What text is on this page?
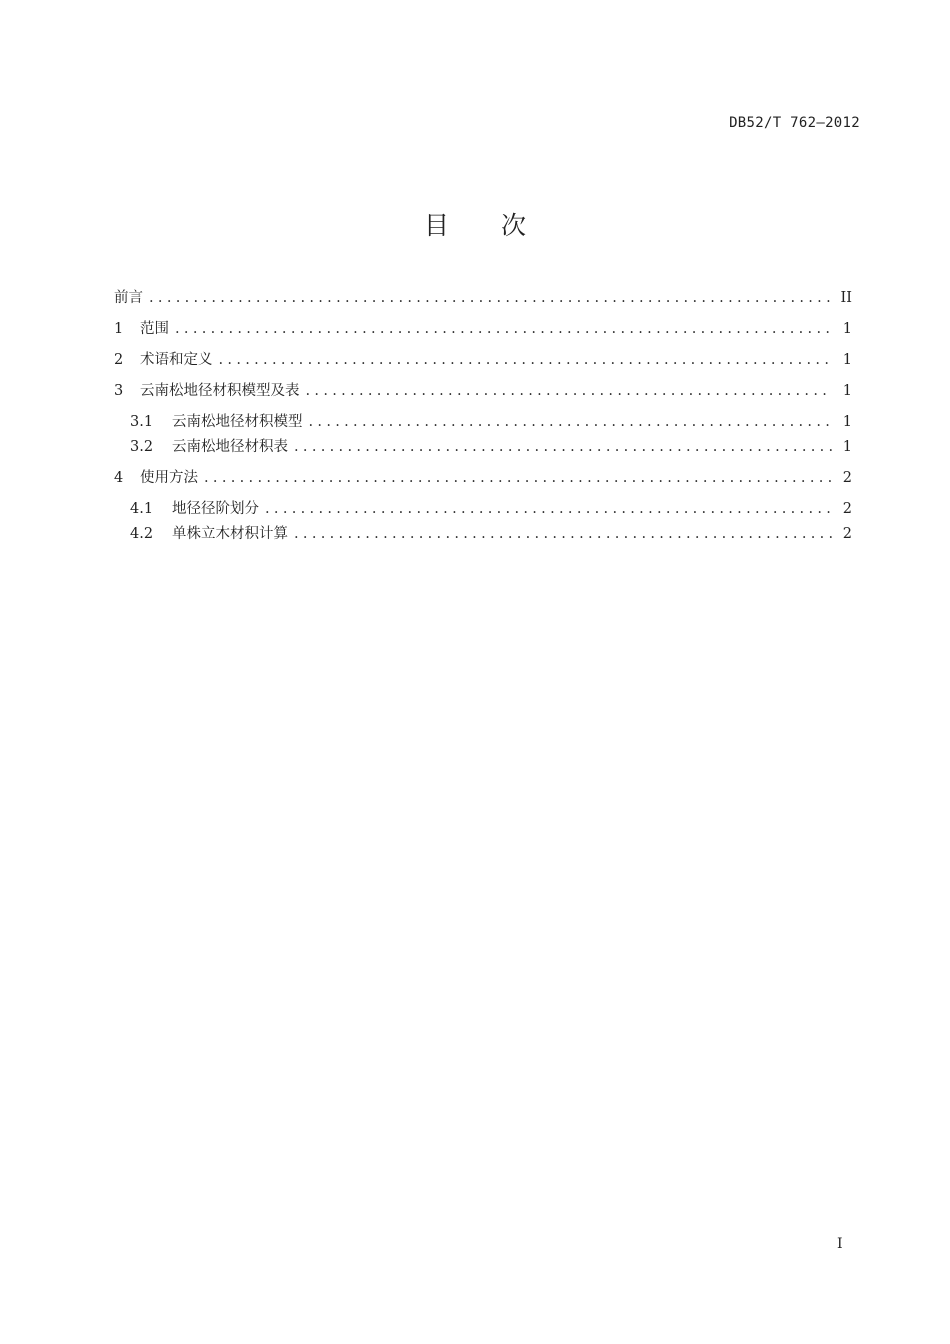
DB52/T 762—2012
目 次
前言 .....	II
1	范围 .....	1
2	术语和定义 .....	1
3	云南松地径材积模型及表 .....	1
3.1	云南松地径材积模型 .....	1
3.2	云南松地径材积表 .....	1
4	使用方法 .....	2
4.1	地径径阶划分 .....	2
4.2	单株立木材积计算 .....	2
I
